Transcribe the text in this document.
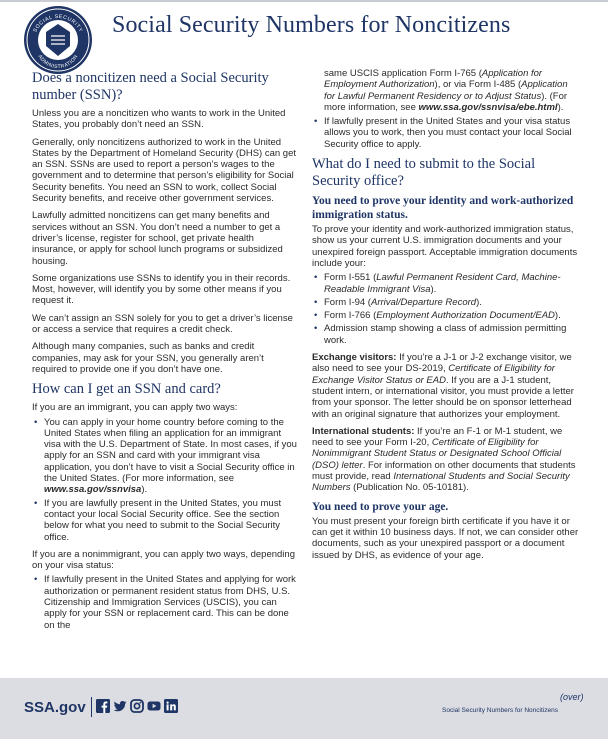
SOCIAL SECURITY
ADMINISTRATION
Social Security Numbers for Noncitizens
Does a noncitizen need a Social Security number (SSN)?

Unless you are a noncitizen who wants to work in the United States, you probably don’t need an SSN.

Generally, only noncitizens authorized to work in the United States by the Department of Homeland Security (DHS) can get an SSN. SSNs are used to report a person’s wages to the government and to determine that person’s eligibility for Social Security benefits. You need an SSN to work, collect Social Security benefits, and receive other government services.

Lawfully admitted noncitizens can get many benefits and services without an SSN. You don’t need a number to get a driver’s license, register for school, get private health insurance, or apply for school lunch programs or subsidized housing.

Some organizations use SSNs to identify you in their records. Most, however, will identify you by some other means if you request it.

We can’t assign an SSN solely for you to get a driver’s license or access a service that requires a credit check.

Although many companies, such as banks and credit companies, may ask for your SSN, you generally aren’t required to provide one if you don’t have one.

How can I get an SSN and card?

If you are an immigrant, you can apply two ways:

• You can apply in your home country before coming to the United States when filing an application for an immigrant visa with the U.S. Department of State. In most cases, if you apply for an SSN and card with your immigrant visa application, you don’t have to visit a Social Security office in the United States. (For more information, see www.ssa.gov/ssnvisa).
• If you are lawfully present in the United States, you must contact your local Social Security office. See the section below for what you need to submit to the Social Security office.

If you are a nonimmigrant, you can apply two ways, depending on your visa status:

• If lawfully present in the United States and applying for work authorization or permanent resident status from DHS, U.S. Citizenship and Immigration Services (USCIS), you can apply for your SSN or replacement card. This can be done on the

same USCIS application Form I-765 (Application for Employment Authorization), or via Form I-485 (Application for Lawful Permanent Residency or to Adjust Status). (For more information, see www.ssa.gov/ssnvisa/ebe.html).

• If lawfully present in the United States and your visa status allows you to work, then you must contact your local Social Security office to apply.
What do I need to submit to the Social Security office?
You need to prove your identity and work-authorized immigration status.

To prove your identity and work-authorized immigration status, show us your current U.S. immigration documents and your unexpired foreign passport. Acceptable immigration documents include your:

• Form I-551 (Lawful Permanent Resident Card, Machine-Readable Immigrant Visa).
• Form I-94 (Arrival/Departure Record).
• Form I-766 (Employment Authorization Document/EAD).
• Admission stamp showing a class of admission permitting work.

Exchange visitors: If you’re a J-1 or J-2 exchange visitor, we also need to see your DS-2019, Certificate of Eligibility for Exchange Visitor Status or EAD. If you are a J-1 student, student intern, or international visitor, you must provide a letter from your sponsor. The letter should be on sponsor letterhead with an original signature that authorizes your employment.

International students: If you’re an F-1 or M-1 student, we need to see your Form I-20, Certificate of Eligibility for Nonimmigrant Student Status or Designated School Official (DSO) letter. For information on other documents that students must provide, read International Students and Social Security Numbers (Publication No. 05-10181).

You need to prove your age.

You must present your foreign birth certificate if you have it or can get it within 10 business days. If not, we can consider other documents, such as your unexpired passport or a document issued by DHS, as evidence of your age.

SSA.gov
(over)
Social Security Numbers for Noncitizens
